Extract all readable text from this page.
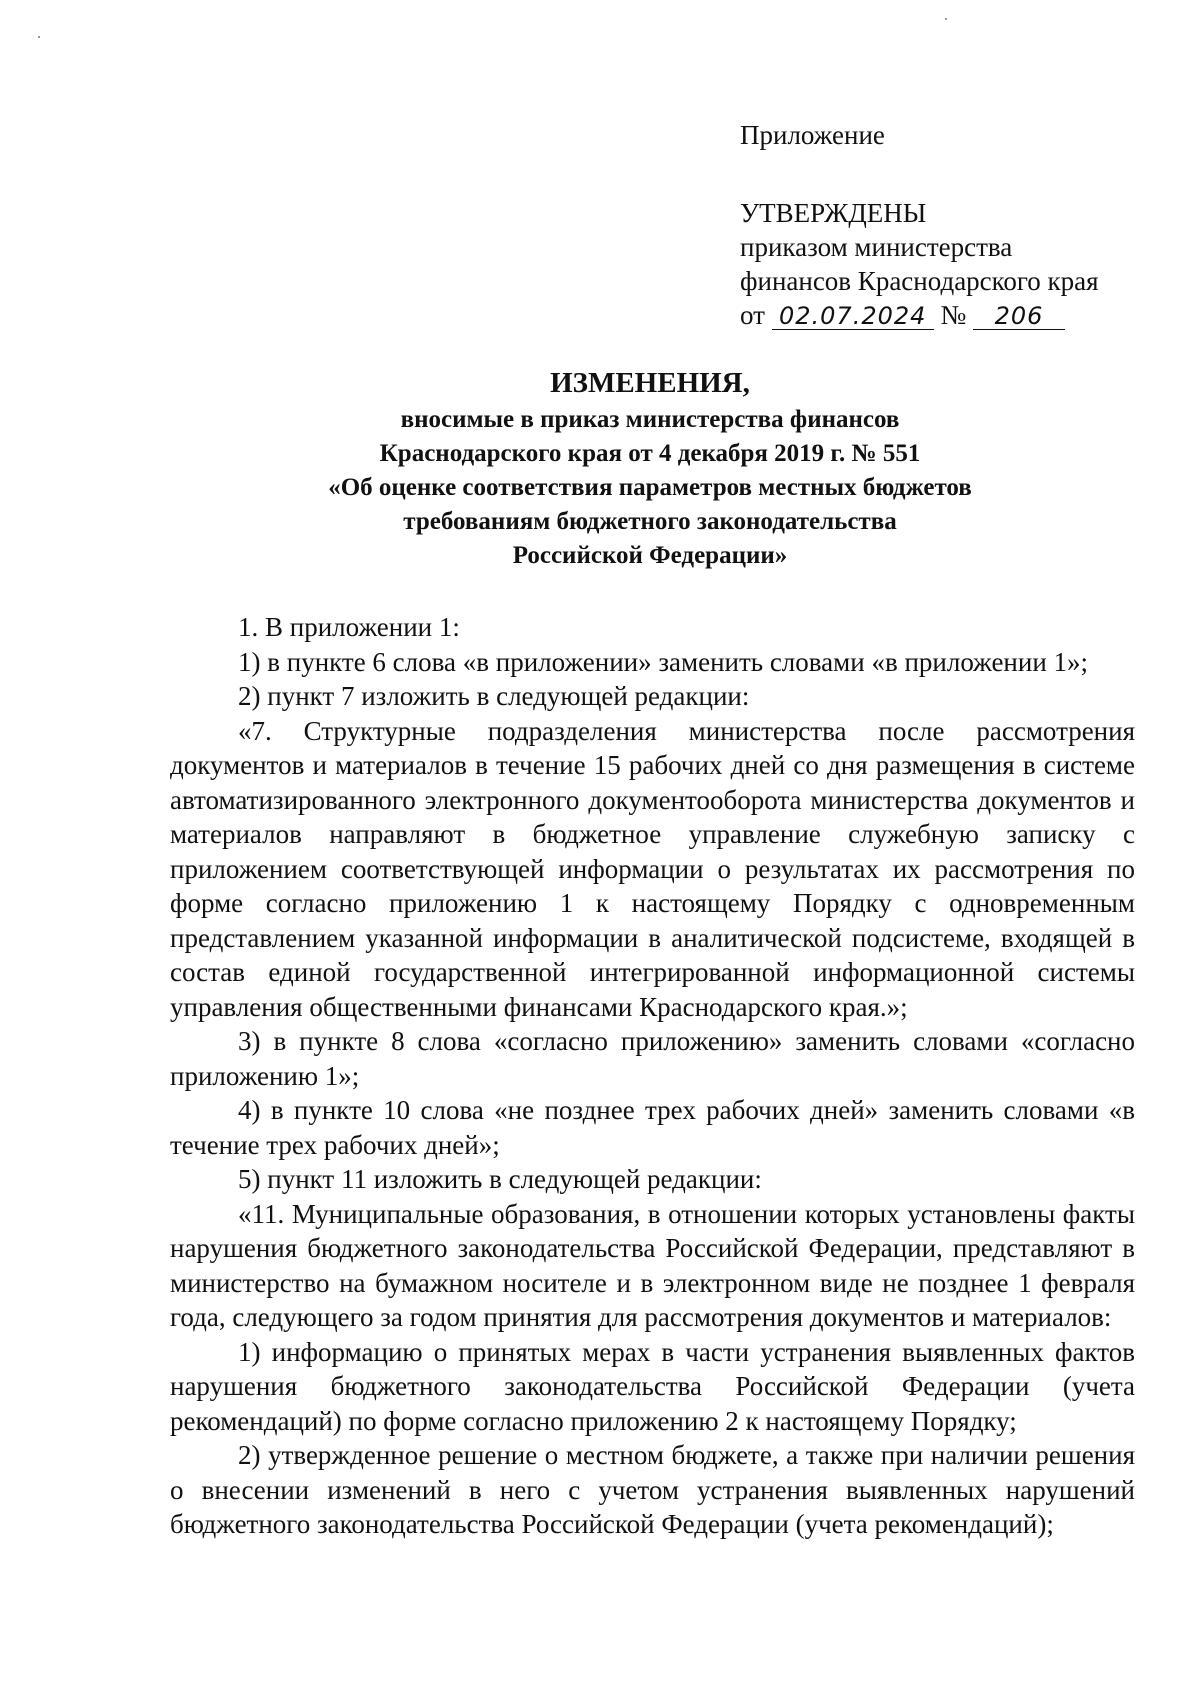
Приложение
УТВЕРЖДЕНЫ
приказом министерства
финансов Краснодарского края
от 02.07.2024 № 206
ИЗМЕНЕНИЯ,
вносимые в приказ министерства финансов
Краснодарского края от 4 декабря 2019 г. № 551
«Об оценке соответствия параметров местных бюджетов
требованиям бюджетного законодательства
Российской Федерации»

1. В приложении 1:

1) в пункте 6 слова «в приложении» заменить словами «в приложении 1»;

2) пункт 7 изложить в следующей редакции:

«7. Структурные подразделения министерства после рассмотрения документов и материалов в течение 15 рабочих дней со дня размещения в системе автоматизированного электронного документооборота министерства документов и материалов направляют в бюджетное управление служебную записку с приложением соответствующей информации о результатах их рассмотрения по форме согласно приложению 1 к настоящему Порядку с одновременным представлением указанной информации в аналитической подсистеме, входящей в состав единой государственной интегрированной информационной системы управления общественными финансами Краснодарского края.»;

3) в пункте 8 слова «согласно приложению» заменить словами «согласно приложению 1»;

4) в пункте 10 слова «не позднее трех рабочих дней» заменить словами «в течение трех рабочих дней»;

5) пункт 11 изложить в следующей редакции:

«11. Муниципальные образования, в отношении которых установлены факты нарушения бюджетного законодательства Российской Федерации, представляют в министерство на бумажном носителе и в электронном виде не позднее 1 февраля года, следующего за годом принятия для рассмотрения документов и материалов:

1) информацию о принятых мерах в части устранения выявленных фактов нарушения бюджетного законодательства Российской Федерации (учета рекомендаций) по форме согласно приложению 2 к настоящему Порядку;

2) утвержденное решение о местном бюджете, а также при наличии решения о внесении изменений в него с учетом устранения выявленных нарушений бюджетного законодательства Российской Федерации (учета рекомендаций);
